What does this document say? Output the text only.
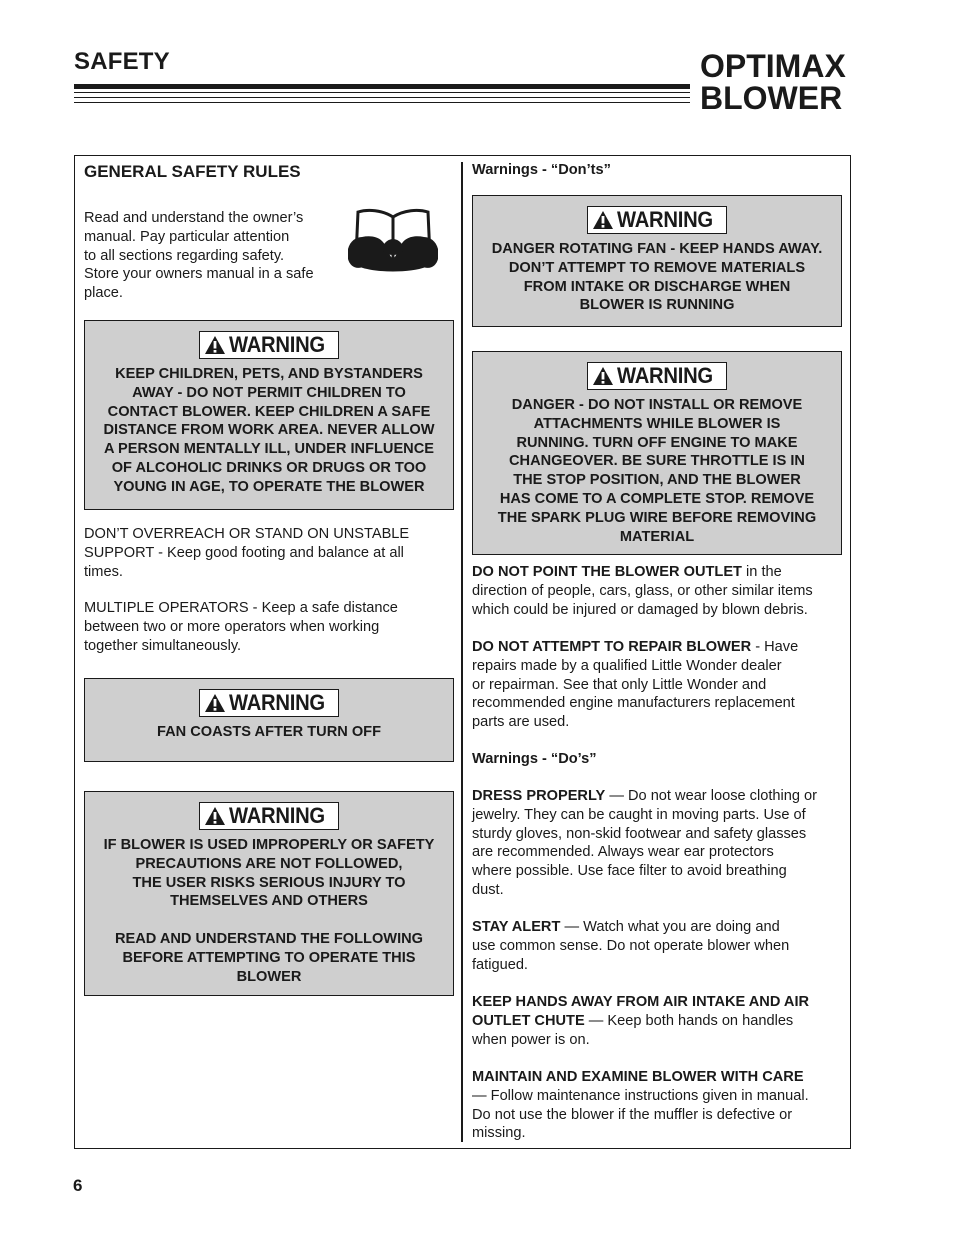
SAFETY	OPTIMAX
BLOWER
GENERAL SAFETY RULES
Read and understand the owner’s
manual. Pay particular attention
to all sections regarding safety.
Store your owners manual in a safe
place.
WARNING
KEEP CHILDREN, PETS, AND BYSTANDERS
AWAY - DO NOT PERMIT CHILDREN TO
CONTACT BLOWER. KEEP CHILDREN A SAFE
DISTANCE FROM WORK AREA. NEVER ALLOW
A PERSON MENTALLY ILL, UNDER INFLUENCE
OF ALCOHOLIC DRINKS OR DRUGS OR TOO
YOUNG IN AGE, TO OPERATE THE BLOWER
DON’T OVERREACH OR STAND ON UNSTABLE
SUPPORT - Keep good footing and balance at all
times.
MULTIPLE OPERATORS - Keep a safe distance
between two or more operators when working
together simultaneously.
WARNING
FAN COASTS AFTER TURN OFF
WARNING
IF BLOWER IS USED IMPROPERLY OR SAFETY
PRECAUTIONS ARE NOT FOLLOWED,
THE USER RISKS SERIOUS INJURY TO
THEMSELVES AND OTHERS
READ AND UNDERSTAND THE FOLLOWING
BEFORE ATTEMPTING TO OPERATE THIS
BLOWER
Warnings - “Don’ts”
WARNING
DANGER ROTATING FAN - KEEP HANDS AWAY.
DON’T ATTEMPT TO REMOVE MATERIALS
FROM INTAKE OR DISCHARGE WHEN
BLOWER IS RUNNING
WARNING
DANGER - DO NOT INSTALL OR REMOVE
ATTACHMENTS WHILE BLOWER IS
RUNNING. TURN OFF ENGINE TO MAKE
CHANGEOVER. BE SURE THROTTLE IS IN
THE STOP POSITION, AND THE BLOWER
HAS COME TO A COMPLETE STOP. REMOVE
THE SPARK PLUG WIRE BEFORE REMOVING
MATERIAL
DO NOT POINT THE BLOWER OUTLET in the
direction of people, cars, glass, or other similar items
which could be injured or damaged by blown debris.
DO NOT ATTEMPT TO REPAIR BLOWER - Have
repairs made by a qualified Little Wonder dealer
or repairman. See that only Little Wonder and
recommended engine manufacturers replacement
parts are used.
Warnings - “Do’s”
DRESS PROPERLY — Do not wear loose clothing or
jewelry. They can be caught in moving parts. Use of
sturdy gloves, non-skid footwear and safety glasses
are recommended. Always wear ear protectors
where possible. Use face filter to avoid breathing
dust.
STAY ALERT — Watch what you are doing and
use common sense. Do not operate blower when
fatigued.
KEEP HANDS AWAY FROM AIR INTAKE AND AIR
OUTLET CHUTE — Keep both hands on handles
when power is on.
MAINTAIN AND EXAMINE BLOWER WITH CARE
— Follow maintenance instructions given in manual.
Do not use the blower if the muffler is defective or
missing.
6
